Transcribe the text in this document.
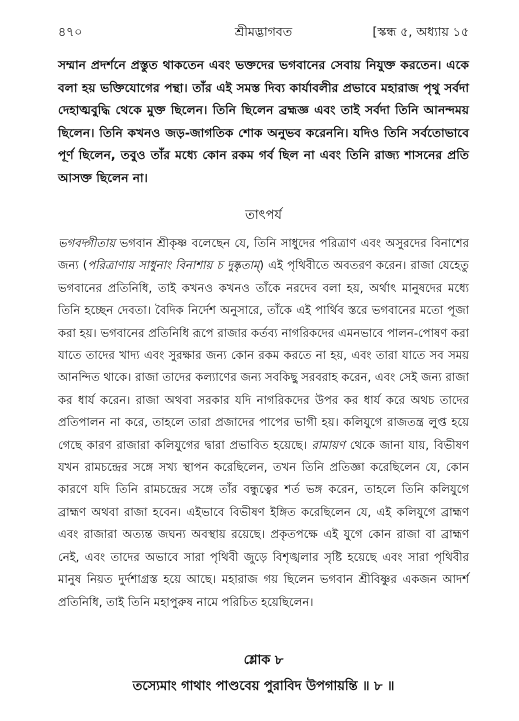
৪৭০	শ্রীমদ্ভাগবত	[স্কন্ধ ৫, অধ্যায় ১৫

সম্মান প্রদর্শনে প্রস্তুত থাকতেন এবং ভক্তদের ভগবানের সেবায় নিযুক্ত করতেন। একে বলা হয় ভক্তিযোগের পন্থা। তাঁর এই সমস্ত দিব্য কার্যাবলীর প্রভাবে মহারাজ পৃথু সর্বদা দেহাত্মবুদ্ধি থেকে মুক্ত ছিলেন। তিনি ছিলেন ব্রহ্মজ্ঞ এবং তাই সর্বদা তিনি আনন্দময় ছিলেন। তিনি কখনও জড়-জাগতিক শোক অনুভব করেননি। যদিও তিনি সর্বতোভাবে পূর্ণ ছিলেন, তবুও তাঁর মধ্যে কোন রকম গর্ব ছিল না এবং তিনি রাজ্য শাসনের প্রতি আসক্ত ছিলেন না।

তাৎপর্য

ভগবদ্গীতায় ভগবান শ্রীকৃষ্ণ বলেছেন যে, তিনি সাধুদের পরিত্রাণ এবং অসুরদের বিনাশের জন্য (পরিত্রাণায় সাধুনাং বিনাশায় চ দুষ্কৃতাম্) এই পৃথিবীতে অবতরণ করেন। রাজা যেহেতু ভগবানের প্রতিনিধি, তাই কখনও কখনও তাঁকে নরদেব বলা হয়, অর্থাৎ মানুষদের মধ্যে তিনি হচ্ছেন দেবতা। বৈদিক নির্দেশ অনুসারে, তাঁকে এই পার্থিব স্তরে ভগবানের মতো পূজা করা হয়। ভগবানের প্রতিনিধি রূপে রাজার কর্তব্য নাগরিকদের এমনভাবে পালন-পোষণ করা যাতে তাদের খাদ্য এবং সুরক্ষার জন্য কোন রকম করতে না হয়, এবং তারা যাতে সব সময় আনন্দিত থাকে। রাজা তাদের কল্যাণের জন্য সবকিছু সরবরাহ করেন, এবং সেই জন্য রাজা কর ধার্য করেন। রাজা অথবা সরকার যদি নাগরিকদের উপর কর ধার্য করে অথচ তাদের প্রতিপালন না করে, তাহলে তারা প্রজাদের পাপের ভাগী হয়। কলিযুগে রাজতন্ত্র লুপ্ত হয়ে গেছে কারণ রাজারা কলিযুগের দ্বারা প্রভাবিত হয়েছে। রামায়ণ থেকে জানা যায়, বিভীষণ যখন রামচন্দ্রের সঙ্গে সখ্য স্থাপন করেছিলেন, তখন তিনি প্রতিজ্ঞা করেছিলেন যে, কোন কারণে যদি তিনি রামচন্দ্রের সঙ্গে তাঁর বন্ধুত্বের শর্ত ভঙ্গ করেন, তাহলে তিনি কলিযুগে ব্রাহ্মণ অথবা রাজা হবেন। এইভাবে বিভীষণ ইঙ্গিত করেছিলেন যে, এই কলিযুগে ব্রাহ্মণ এবং রাজারা অত্যন্ত জঘন্য অবস্থায় রয়েছে। প্রকৃতপক্ষে এই যুগে কোন রাজা বা ব্রাহ্মণ নেই, এবং তাদের অভাবে সারা পৃথিবী জুড়ে বিশৃঙ্খলার সৃষ্টি হয়েছে এবং সারা পৃথিবীর মানুষ নিয়ত দুর্দশাগ্রস্ত হয়ে আছে। মহারাজ গয় ছিলেন ভগবান শ্রীবিষ্ণুর একজন আদর্শ প্রতিনিধি, তাই তিনি মহাপুরুষ নামে পরিচিত হয়েছিলেন।

শ্লোক ৮
তস্যেমাং গাথাং পাণ্ডবেয় পুরাবিদ উপগায়ন্তি ॥ ৮ ॥
